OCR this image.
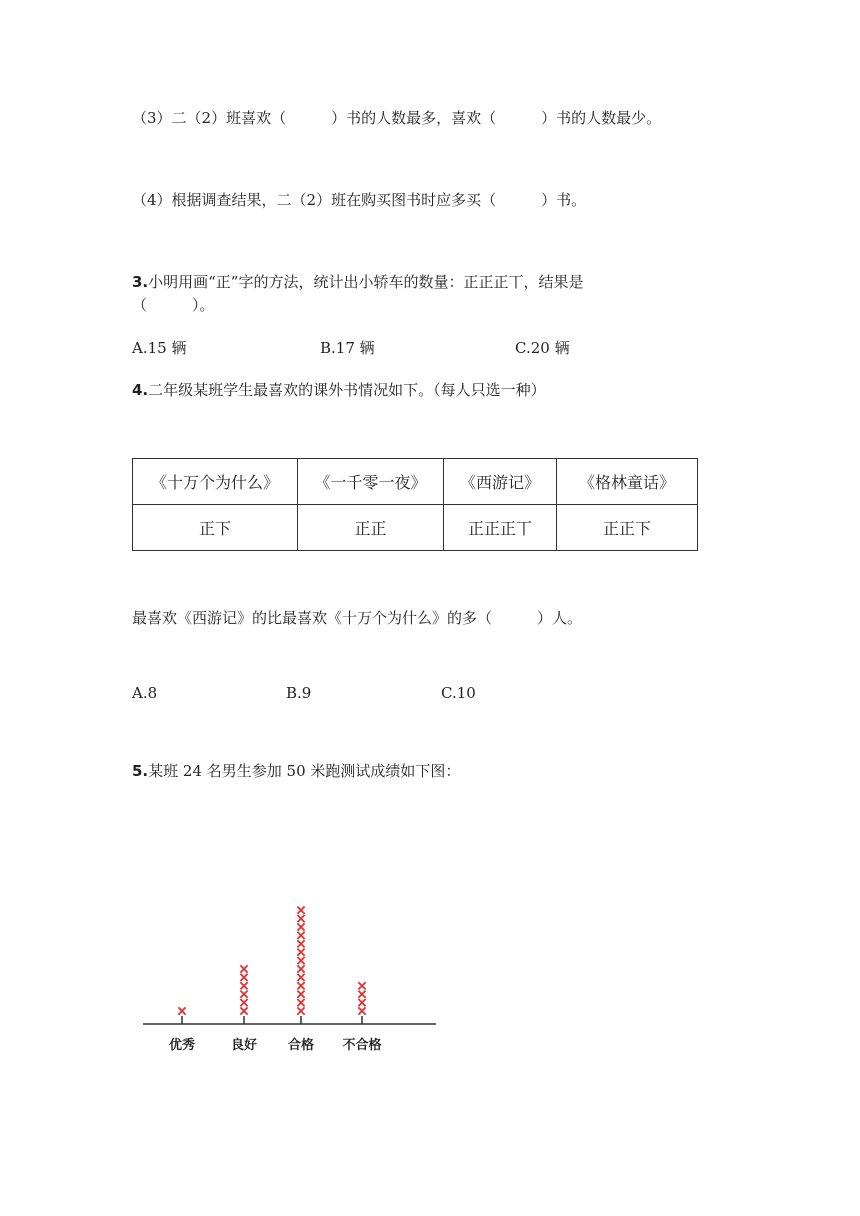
（3）二（2）班喜欢（　　　）书的人数最多，喜欢（　　　）书的人数最少。
（4）根据调查结果，二（2）班在购买图书时应多买（　　　）书。
3.小明用画“正”字的方法，统计出小轿车的数量：正正正丅，结果是
（　　　）。
A.15 辆	B.17 辆	C.20 辆
4.二年级某班学生最喜欢的课外书情况如下。（每人只选一种）
《十万个为什么》	《一千零一夜》	《西游记》	《格林童话》
正下	正正	正正正丅	正正下
最喜欢《西游记》的比最喜欢《十万个为什么》的多（　　　）人。
A.8	B.9	C.10
5.某班 24 名男生参加 50 米跑测试成绩如下图：
优秀	良好 合格 不合格
